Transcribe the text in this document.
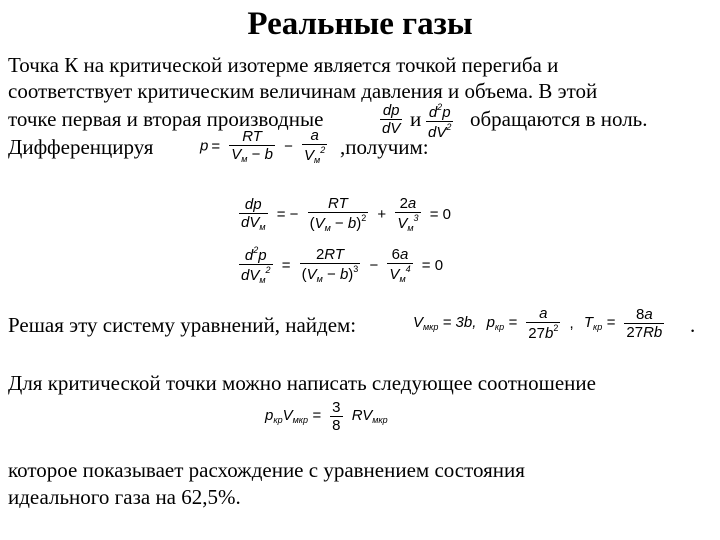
Реальные газы
Точка К на критической изотерме является точкой перегиба и
соответствует критическим величинам давления и объема. В этой
точке первая и вторая производные	$\frac{dp}{dV}$ и $\frac{d^2p}{dV^2}$ обращаются в ноль.
Дифференцируя	$p = \frac{RT}{V_м - b} - \frac{a}{V_м^2}$ ,получим:
$\frac{dp}{dV_м}$ = − $\frac{RT}{(V_м - b)^2} + \frac{2a}{V_м^3} = 0$
$\frac{d^2p}{dV_м^2} = \frac{2RT}{(V_м - b)^3} - \frac{6a}{V_м^4} = 0$
Решая эту систему уравнений, найдем:	$V_{мкр} = 3b$, $p_{кр} = \frac{a}{27b^2}$ , $T_{кр} = \frac{8a}{27Rb}$ .
Для критической точки можно написать следующее соотношение
$p_{кр}V_{мкр} = \frac{3}{8} RV_{мкр}$
которое показывает расхождение с уравнением состояния
идеального газа на 62,5%.
